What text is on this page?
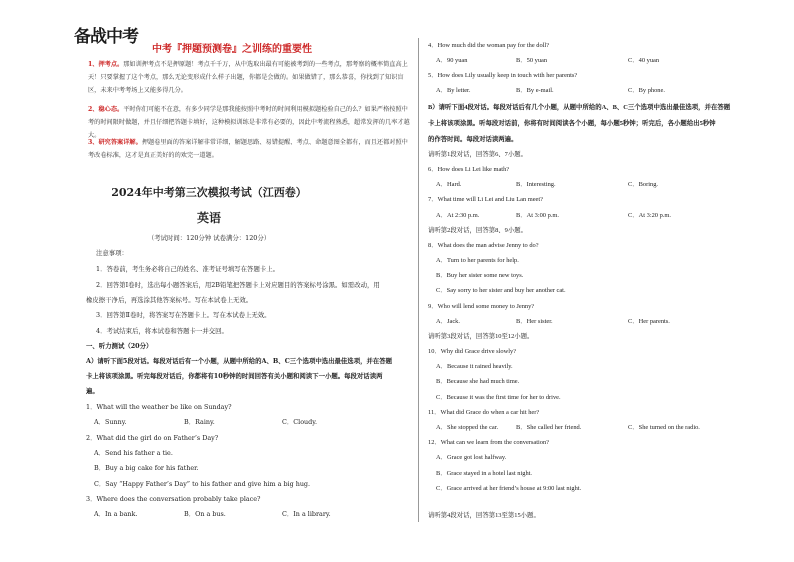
备战中考
中考『押题预测卷』之训练的重要性
1、押考点。那如训押考点不是押原题！考点千千万，从中选取出最有可能被考到的一些考点，那考察的概率简直高上天！只要掌握了这个考点，那么无论变形成什么样子出题，你都是会做的。如果做错了，那么恭喜，你找到了知识盲区，未来中考考场上又能多得几分。
2、稳心态。平时你们可能不在意，有多少同学是那我能按照中考时的时间利用模拟题检验自己的么？如果严格按照中考的时间限时做题，并且仔细把答题卡填好，这种模拟训练是非常有必要的，因此中考流程熟悉，超常发挥的几率才越大。
3、研究答案详解。押题卷里面的答案详解非常详细，解题思路、易错提醒、考点、命题意图全都有，而且还都对照中考改卷标准，这才是真正美好的的欢完一道题。
2024年中考第三次模拟考试（江西卷）
英语
（考试时间：120分钟 试卷满分：120分）
注意事项：
1．答卷前，考生务必将自己的姓名、准考证号填写在答题卡上。
2．回答第Ⅰ卷时，选出每小题答案后，用2B铅笔把答题卡上对应题目的答案标号涂黑。如需改动，用
橡皮擦干净后，再选涂其他答案标号。写在本试卷上无效。
3．回答第Ⅱ卷时，将答案写在答题卡上。写在本试卷上无效。
4．考试结束后，将本试卷和答题卡一并交回。
一、听力测试（20分）
A）请听下面5段对话。每段对话后有一个小题，从题中所给的A、B、C三个选项中选出最佳选项，并在答题
卡上将该项涂黑。听完每段对话后，你都将有10秒钟的时间回答有关小题和阅读下一小题。每段对话读两
遍。
1．What will the weather be like on Sunday?
A．Sunny.	B．Rainy.	C．Cloudy.
2．What did the girl do on Father’s Day?
A．Send his father a tie.
B．Buy a big cake for his father.
C．Say “Happy Father’s Day” to his father and give him a big hug.
3．Where does the conversation probably take place?
A．In a bank.	B．On a bus.	C．In a library.
4．How much did the woman pay for the doll?
A．90 yuan	B．50 yuan	C．40 yuan
5．How does Lily usually keep in touch with her parents?
A．By letter.	B．By e-mail.	C．By phone.
B）请听下面4段对话。每段对话后有几个小题，从题中所给的A、B、C三个选项中选出最佳选项，并在答题
卡上将该项涂黑。听每段对话前，你将有时间阅读各个小题，每小题5秒钟；听完后，各小题给出5秒钟
的作答时间。每段对话读两遍。
请听第1段对话，回答第6、7小题。
6．How does Li Lei like math?
A．Hard.	B．Interesting.	C．Boring.
7．What time will Li Lei and Liu Lan meet?
A．At 2:30 p.m.	B．At 3:00 p.m.	C．At 3:20 p.m.
请听第2段对话，回答第8、9小题。
8．What does the man advise Jenny to do?
A．Turn to her parents for help.
B．Buy her sister some new toys.
C．Say sorry to her sister and buy her another cat.
9．Who will lend some money to Jenny?
A．Jack.	B．Her sister.	C．Her parents.
请听第3段对话，回答第10至12小题。
10．Why did Grace drive slowly?
A．Because it rained heavily.
B．Because she had much time.
C．Because it was the first time for her to drive.
11．What did Grace do when a car hit her?
A．She stopped the car.	B．She called her friend.	C．She turned on the radio.
12．What can we learn from the conversation?
A．Grace got lost halfway.
B．Grace stayed in a hotel last night.
C．Grace arrived at her friend’s house at 9:00 last night.
请听第4段对话，回答第13至第15小题。
